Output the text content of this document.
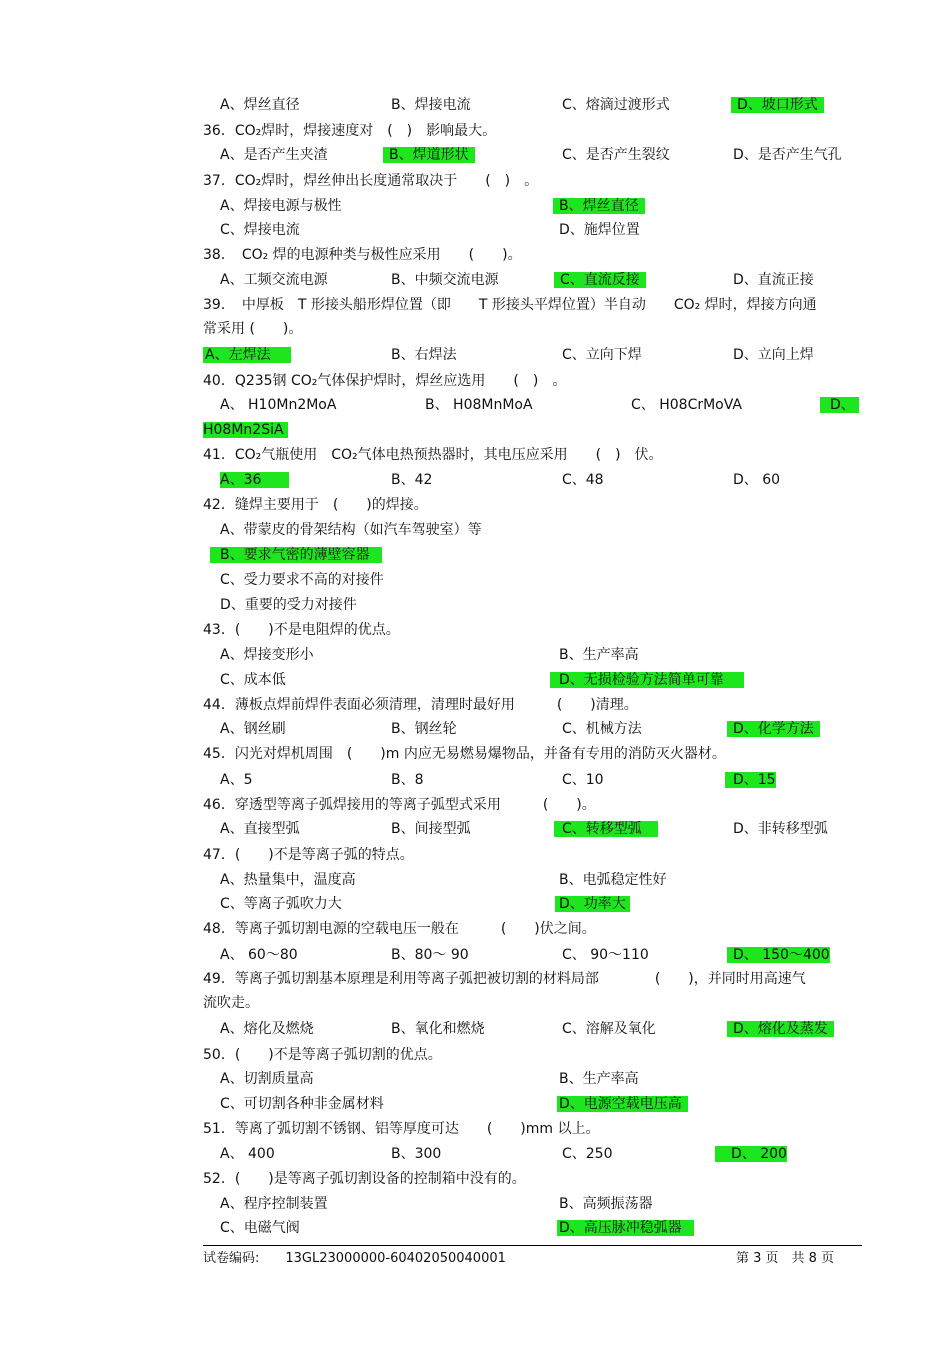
A、焊丝直径	B、焊接电流	C、熔滴过渡形式	D、坡口形式
36．CO₂焊时，焊接速度对　(　)　影响最大。
A、是否产生夹渣	B、焊道形状	C、是否产生裂纹	D、是否产生气孔
37．CO₂焊时，焊丝伸出长度通常取决于　　(　)　。
A、焊接电源与极性	B、焊丝直径
C、焊接电流	D、施焊位置
38．　CO₂ 焊的电源种类与极性应采用　　(　　)。
A、工频交流电源	B、中频交流电源	C、直流反接	D、直流正接
39．　中厚板　T 形接头船形焊位置（即　　T 形接头平焊位置）半自动　　CO₂ 焊时，焊接方向通
常采用 (　　)。
A、左焊法	B、右焊法	C、立向下焊	D、立向上焊
40．Q235钢 CO₂气体保护焊时，焊丝应选用　　(　)　。
A、 H10Mn2MoA	B、 H08MnMoA	C、 H08CrMoVA	D、
H08Mn2SiA
41．CO₂气瓶使用　CO₂气体电热预热器时，其电压应采用　　(　)　伏。
A、36	B、42	C、48	D、 60
42．缝焊主要用于　(　　)的焊接。
A、带蒙皮的骨架结构（如汽车驾驶室）等
B、要求气密的薄壁容器
C、受力要求不高的对接件
D、重要的受力对接件
43．(　　)不是电阻焊的优点。
A、焊接变形小	B、生产率高
C、成本低	D、无损检验方法简单可靠
44．薄板点焊前焊件表面必须清理，清理时最好用　　　(　　)清理。
A、钢丝刷	B、钢丝轮	C、机械方法	D、化学方法
45．闪光对焊机周围　(　　)m 内应无易燃易爆物品，并备有专用的消防灭火器材。
A、5	B、8	C、10	D、15
46．穿透型等离子弧焊接用的等离子弧型式采用　　　(　　)。
A、直接型弧	B、间接型弧	C、转移型弧	D、非转移型弧
47．(　　)不是等离子弧的特点。
A、热量集中，温度高	B、电弧稳定性好
C、等离子弧吹力大	D、功率大
48．等离子弧切割电源的空载电压一般在　　　(　　)伏之间。
A、 60～80	B、80～ 90	C、 90～110	D、 150～400
49．等离子弧切割基本原理是利用等离子弧把被切割的材料局部　　　　(　　)，并同时用高速气
流吹走。
A、熔化及燃烧	B、氧化和燃烧	C、溶解及氧化	D、熔化及蒸发
50．(　　)不是等离子弧切割的优点。
A、切割质量高	B、生产率高
C、可切割各种非金属材料	D、电源空载电压高
51．等离了弧切割不锈钢、铝等厚度可达　　(　　)mm 以上。
A、 400	B、300	C、250	D、 200
52．(　　)是等离子弧切割设备的控制箱中没有的。
A、程序控制装置	B、高频振荡器
C、电磁气阀	D、高压脉冲稳弧器
试卷编码:　　13GL23000000-60402050040001	第 3 页　共 8 页
